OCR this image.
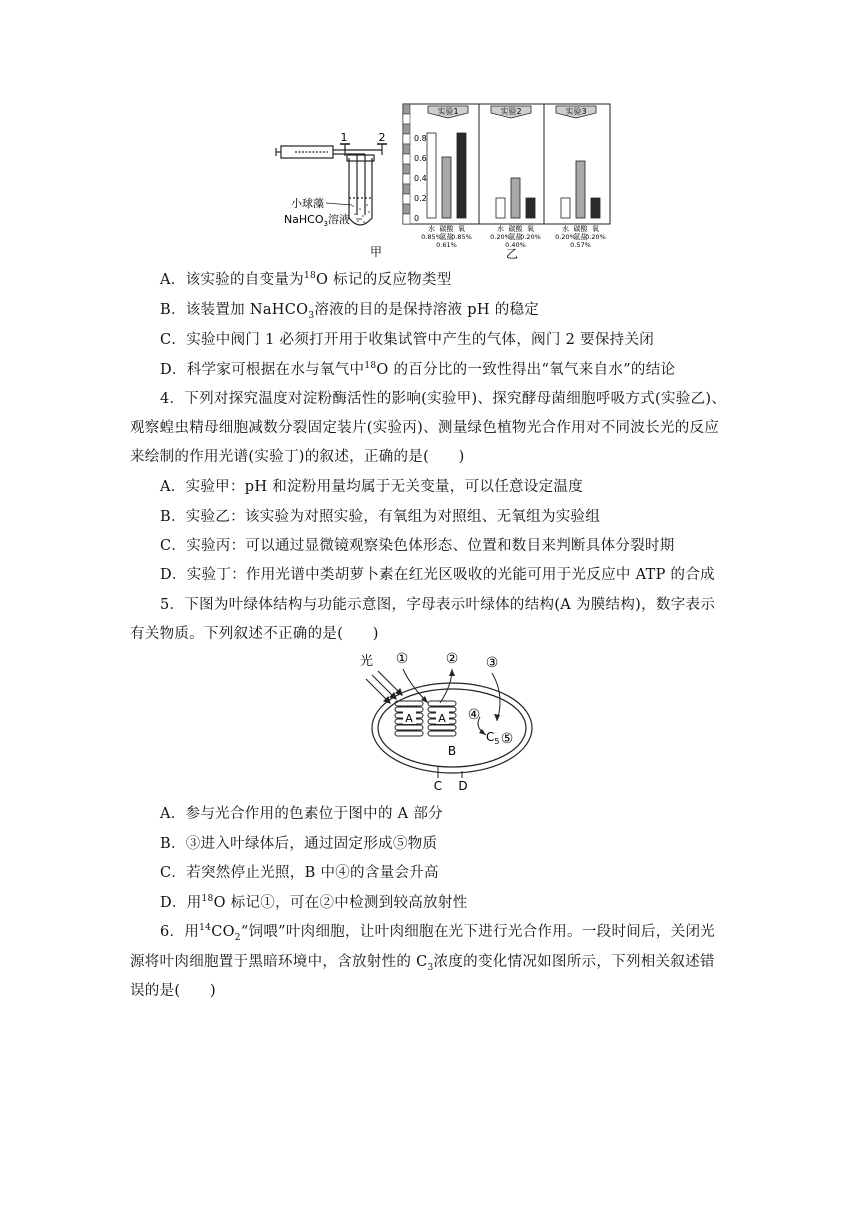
1	2
小球藻
NaHCO$_3$溶液
甲
0
0.2
0.4
0.6
0.8
实验1	实验2	实验3
水
0.85%
碳酸
氢盐
0.61%
氧
0.85%
水
0.20%
碳酸
氢盐
0.40%
氧
0.20%
水
0.20%
碳酸
氢盐
0.57%
氧
0.20%
乙
A．该实验的自变量为$^{18}$O 标记的反应物类型
B．该装置加 NaHCO$_3$溶液的目的是保持溶液 pH 的稳定
C．实验中阀门 1 必须打开用于收集试管中产生的气体，阀门 2 要保持关闭
D．科学家可根据在水与氧气中$^{18}$O 的百分比的一致性得出“氧气来自水”的结论
4．下列对探究温度对淀粉酶活性的影响(实验甲)、探究酵母菌细胞呼吸方式(实验乙)、
观察蝗虫精母细胞减数分裂固定装片(实验丙)、测量绿色植物光合作用对不同波长光的反应
来绘制的作用光谱(实验丁)的叙述，正确的是(　　)
A．实验甲：pH 和淀粉用量均属于无关变量，可以任意设定温度
B．实验乙：该实验为对照实验，有氧组为对照组、无氧组为实验组
C．实验丙：可以通过显微镜观察染色体形态、位置和数目来判断具体分裂时期
D．实验丁：作用光谱中类胡萝卜素在红光区吸收的光能可用于光反应中 ATP 的合成
5．下图为叶绿体结构与功能示意图，字母表示叶绿体的结构(A 为膜结构)，数字表示
有关物质。下列叙述不正确的是(　　)
光
A A
①	② ③
④
$C_5$ ⑤
B
C D
A．参与光合作用的色素位于图中的 A 部分
B．③进入叶绿体后，通过固定形成⑤物质
C．若突然停止光照，B 中④的含量会升高
D．用$^{18}$O 标记①，可在②中检测到较高放射性
6．用$^{14}CO_2“$饲喂”叶肉细胞，让叶肉细胞在光下进行光合作用。一段时间后，关闭光
源将叶肉细胞置于黑暗环境中，含放射性的 $C_3$浓度的变化情况如图所示，下列相关叙述错
误的是(　　)
